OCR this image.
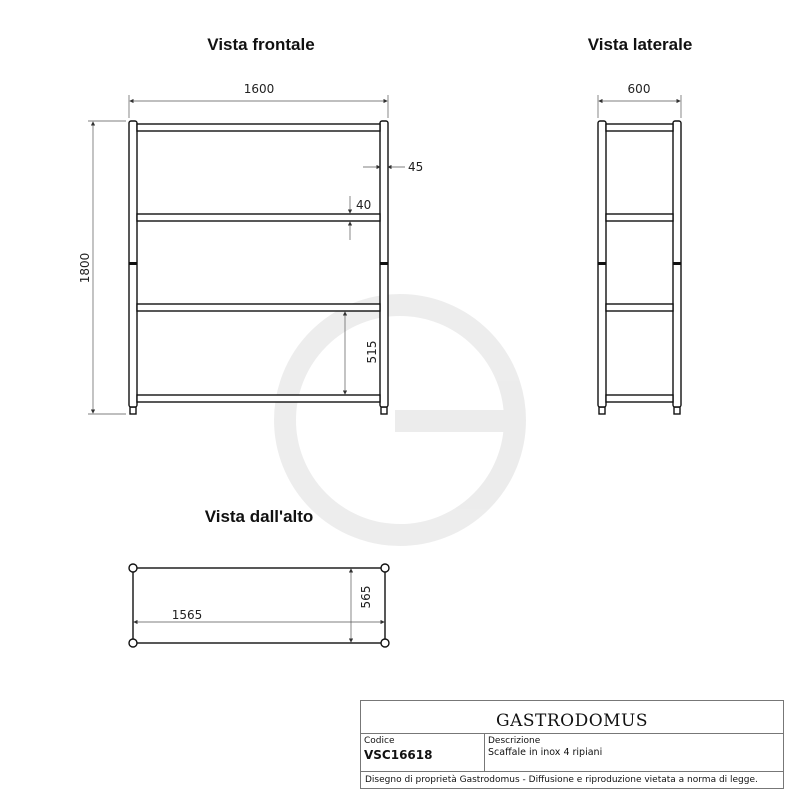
Vista frontale	Vista laterale
Vista dall'alto
1600
1800
45
40
515
600
1565
565
GASTRODOMUS
Codice
VSC16618
Descrizione
Scaffale in inox 4 ripiani
Disegno di proprietà Gastrodomus - Diffusione e riproduzione vietata a norma di legge.
